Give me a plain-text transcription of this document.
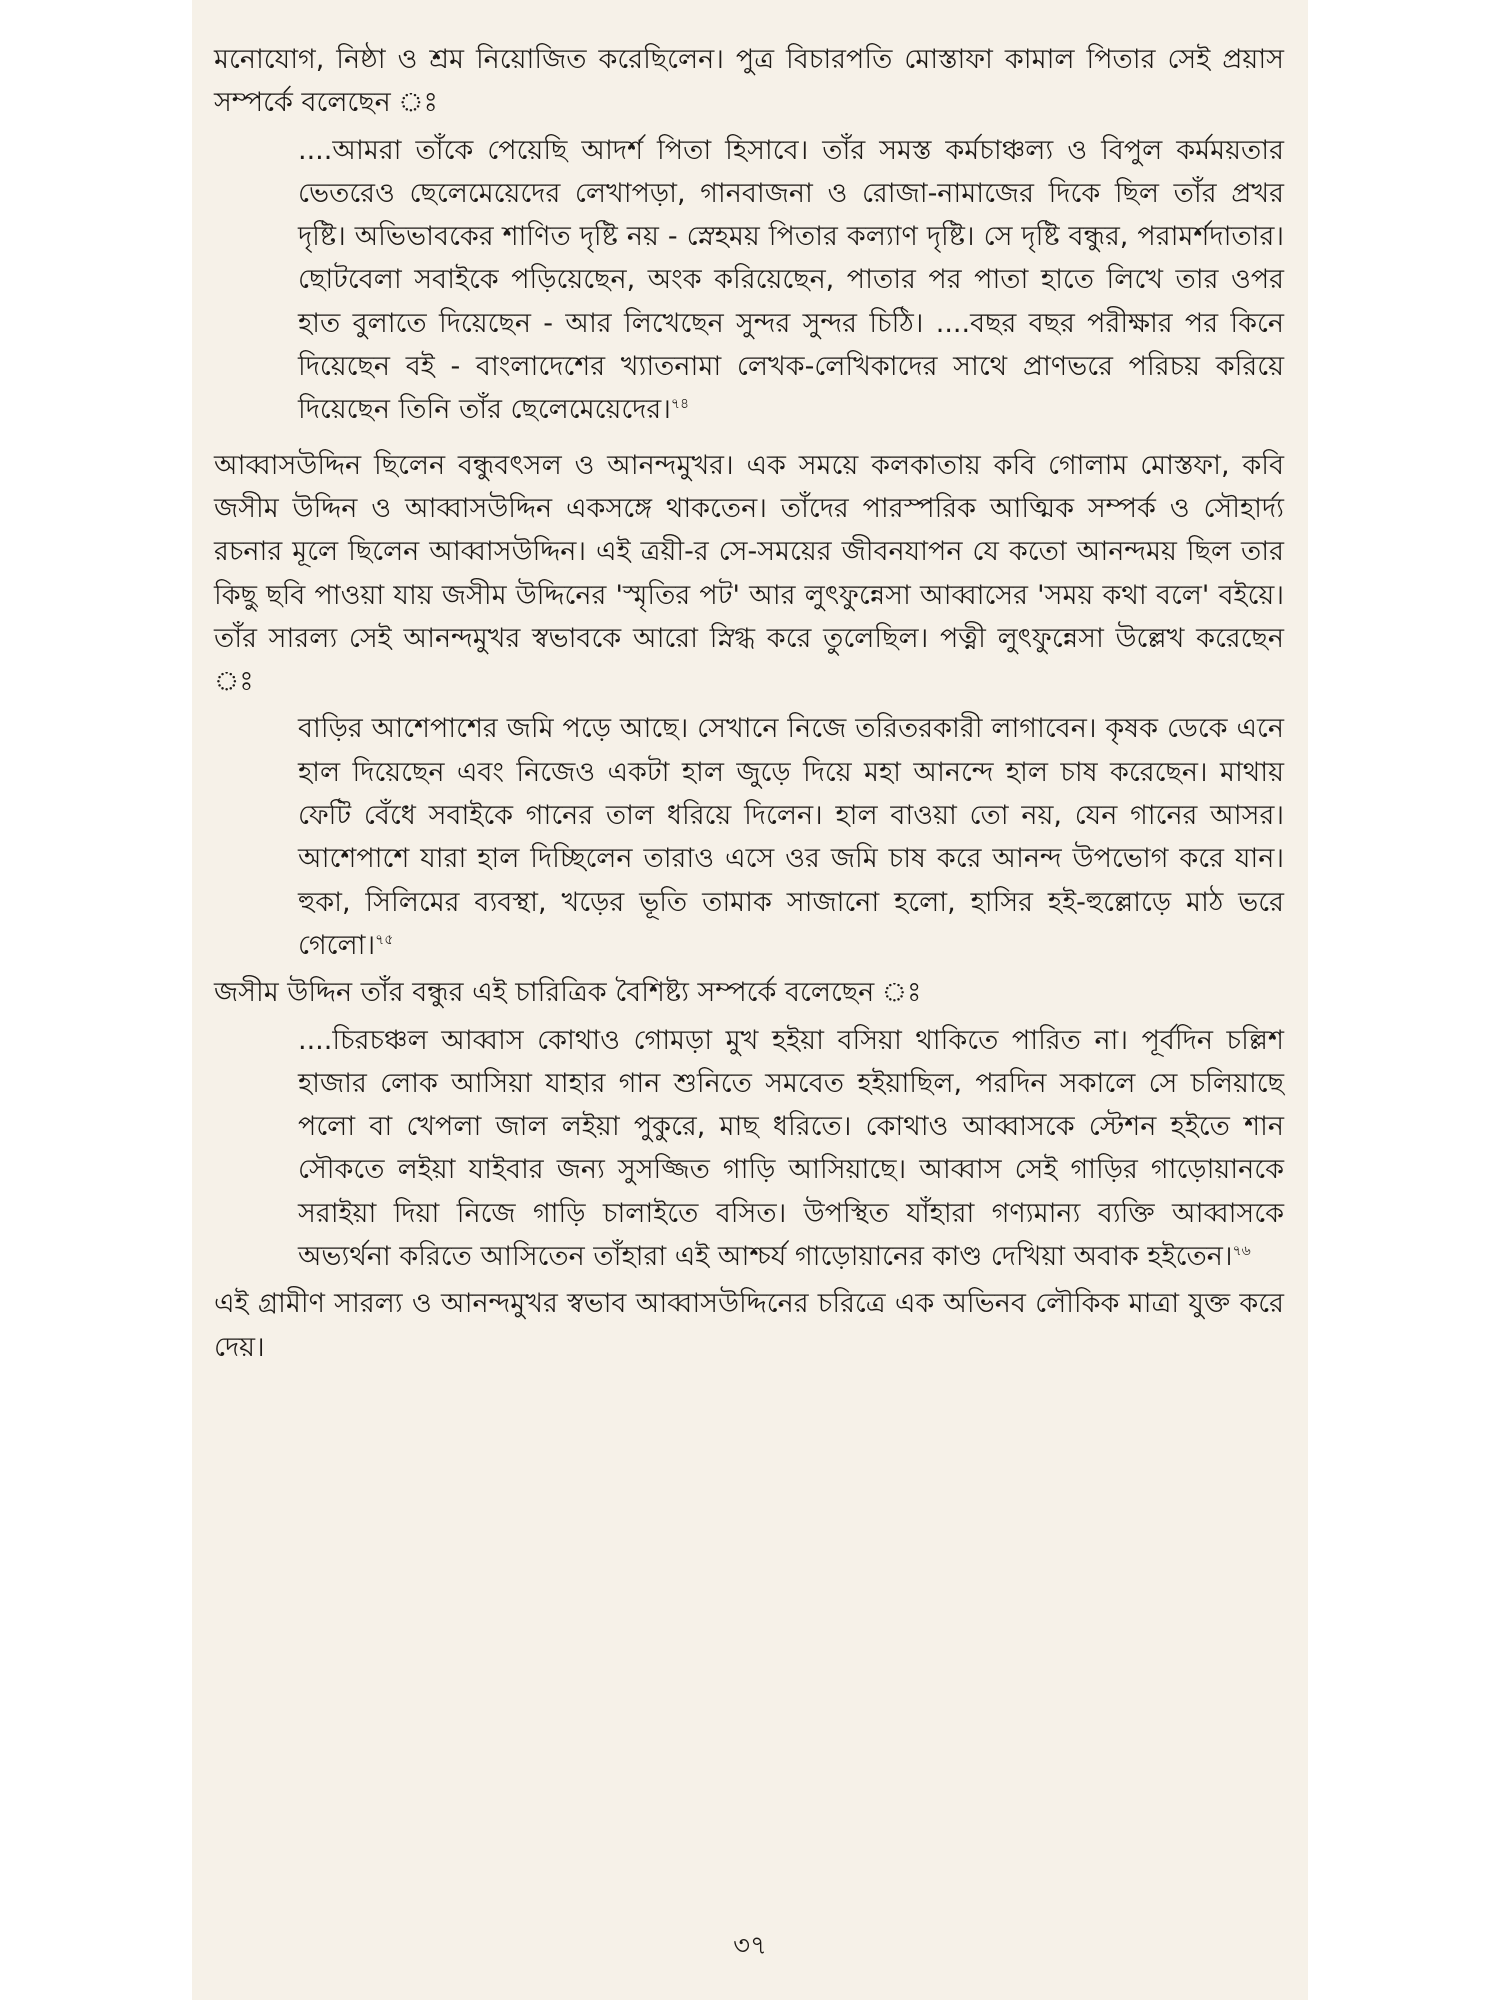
মনোযোগ, নিষ্ঠা ও শ্রম নিয়োজিত করেছিলেন। পুত্র বিচারপতি মোস্তাফা কামাল পিতার সেই প্রয়াস সম্পর্কে বলেছেন ঃ

....আমরা তাঁকে পেয়েছি আদর্শ পিতা হিসাবে। তাঁর সমস্ত কর্মচাঞ্চল্য ও বিপুল কর্মময়তার ভেতরেও ছেলেমেয়েদের লেখাপড়া, গানবাজনা ও রোজা-নামাজের দিকে ছিল তাঁর প্রখর দৃষ্টি। অভিভাবকের শাণিত দৃষ্টি নয় - স্নেহময় পিতার কল্যাণ দৃষ্টি। সে দৃষ্টি বন্ধুর, পরামর্শদাতার। ছোটবেলা সবাইকে পড়িয়েছেন, অংক করিয়েছেন, পাতার পর পাতা হাতে লিখে তার ওপর হাত বুলাতে দিয়েছেন - আর লিখেছেন সুন্দর সুন্দর চিঠি। ....বছর বছর পরীক্ষার পর কিনে দিয়েছেন বই - বাংলাদেশের খ্যাতনামা লেখক-লেখিকাদের সাথে প্রাণভরে পরিচয় করিয়ে দিয়েছেন তিনি তাঁর ছেলেমেয়েদের।$^{৭৪}$

আব্বাসউদ্দিন ছিলেন বন্ধুবৎসল ও আনন্দমুখর। এক সময়ে কলকাতায় কবি গোলাম মোস্তফা, কবি জসীম উদ্দিন ও আব্বাসউদ্দিন একসঙ্গে থাকতেন। তাঁদের পারস্পরিক আত্মিক সম্পর্ক ও সৌহার্দ্য রচনার মূলে ছিলেন আব্বাসউদ্দিন। এই ত্রয়ী-র সে-সময়ের জীবনযাপন যে কতো আনন্দময় ছিল তার কিছু ছবি পাওয়া যায় জসীম উদ্দিনের 'স্মৃতির পট' আর লুৎফুন্নেসা আব্বাসের 'সময় কথা বলে' বইয়ে। তাঁর সারল্য সেই আনন্দমুখর স্বভাবকে আরো স্নিগ্ধ করে তুলেছিল। পত্নী লুৎফুন্নেসা উল্লেখ করেছেন ঃ

বাড়ির আশেপাশের জমি পড়ে আছে। সেখানে নিজে তরিতরকারী লাগাবেন। কৃষক ডেকে এনে হাল দিয়েছেন এবং নিজেও একটা হাল জুড়ে দিয়ে মহা আনন্দে হাল চাষ করেছেন। মাথায় ফেটি বেঁধে সবাইকে গানের তাল ধরিয়ে দিলেন। হাল বাওয়া তো নয়, যেন গানের আসর। আশেপাশে যারা হাল দিচ্ছিলেন তারাও এসে ওর জমি চাষ করে আনন্দ উপভোগ করে যান। হুকা, সিলিমের ব্যবস্থা, খড়ের ভূতি তামাক সাজানো হলো, হাসির হই-হুল্লোড়ে মাঠ ভরে গেলো।$^{৭৫}$

জসীম উদ্দিন তাঁর বন্ধুর এই চারিত্রিক বৈশিষ্ট্য সম্পর্কে বলেছেন ঃ

....চিরচঞ্চল আব্বাস কোথাও গোমড়া মুখ হইয়া বসিয়া থাকিতে পারিত না। পূর্বদিন চল্লিশ হাজার লোক আসিয়া যাহার গান শুনিতে সমবেত হইয়াছিল, পরদিন সকালে সে চলিয়াছে পলো বা খেপলা জাল লইয়া পুকুরে, মাছ ধরিতে। কোথাও আব্বাসকে স্টেশন হইতে শান সৌকতে লইয়া যাইবার জন্য সুসজ্জিত গাড়ি আসিয়াছে। আব্বাস সেই গাড়ির গাড়োয়ানকে সরাইয়া দিয়া নিজে গাড়ি চালাইতে বসিত। উপস্থিত যাঁহারা গণ্যমান্য ব্যক্তি আব্বাসকে অভ্যর্থনা করিতে আসিতেন তাঁহারা এই আশ্চর্য গাড়োয়ানের কাণ্ড দেখিয়া অবাক হইতেন।$^{৭৬}$

এই গ্রামীণ সারল্য ও আনন্দমুখর স্বভাব আব্বাসউদ্দিনের চরিত্রে এক অভিনব লৌকিক মাত্রা যুক্ত করে দেয়।

৩৭
